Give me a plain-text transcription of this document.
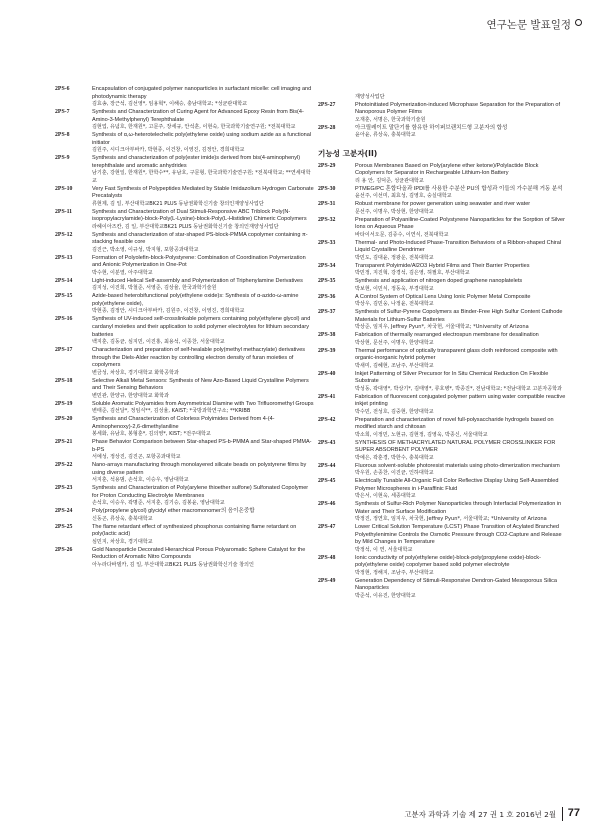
연구논문 발표일정
2PS-6	Encapsulation of conjugated polymer nanoparticles in surfactant micelle: cell imaging and photodynamic therapy
김효송, 장근석, 김선영*, 임용혁*, 이해승, 충남대학교; *성균관대학교
2PS-7	Synthesis and Characterization of Curing Agent for Advanced Epoxy Resin from Bis(4-Amino-3-Methylphenyl) Terephthalate
김현업, 유념호, 한재원*, 고문주, 장세규, 안석훈, 이현숙, 한국과학기술연구원; *전북대학교
2PS-8	Synthesis of α,ω-heterotelechelic poly(ethylene oxide) using sodium azide as a functional initiator
김원주, 시디크아부바카, 박현종, 이건창, 이영진, 김정안, 경희대학교
2PS-9	Synthesis and characterization of poly(ester imide)s derived from bis(4-aminophenyl) terephthalate and aromatic anhydrides
남기훈, 강현일, 한재원*, 한학수**, 유남호, 구문형, 한국과학기술연구원; *전북대학교; **연세대학교
2PS-10	Very Fast Synthesis of Polypeptides Mediated by Stable Imidazolium Hydrogen Carbonate Precatalysts
류현제, 김 일, 부산대학교BK21 PLUS 동남권화학신기술 창의인재양성사업단
2PS-11	Synthesis and Characterization of Dual Stimuli-Responsive ABC Triblock Poly(N-isopropylacrylamide)-block-Poly(L-Lysine)-block-Poly(L-Histidine) Chimeric Copolymers
라헤이아즈칸, 김 일, 부산대학교BK21 PLUS 동남권화학신기술 창의인재양성사업단
2PS-12	Synthesis and characterization of star-shaped PS-block-PMMA copolymer containing π-stacking feasible core
김진근, 박소영, 이규성, 박지형, 포항공과대학교
2PS-13	Formation of Polyolefin-block-Polystyrene: Combination of Coordination Polymerization and Anionic Polymerization in One-Pot
박수현, 이분열, 아주대학교
2PS-14	Light-induced Helical Self-assembly and Polymerization of Triphenylamine Derivatives
김지성, 이진희, 박철준, 서영준, 김상율, 한국과학기술원
2PS-15	Azide-based heterobifunctional poly(ethylene oxide)s: Synthesis of α-azido-ω-amine poly(ethylene oxide),
박현종, 김정안, 시디크아부바카, 김원주, 이건창, 이영진, 경희대학교
2PS-16	Synthesis of UV-induced self-crosslinkable polymers containing poly(ethylene glycol) and cardanyl moieties and their application to solid polymer electrolytes for lithium secondary batteries
백지훈, 김동균, 심지민, 이진홍, 최용석, 이종찬, 서울대학교
2PS-17	Characterization and preparation of self-healable poly(methyl methacrylate) derivatives through the Diels-Alder reaction by controlling electron density of furan moieties of copolymers
변금성, 차상호, 경기대학교 화학공학과
2PS-18	Selective Alkali Metal Sensors: Synthesis of New Azo-Based Liquid Crystalline Polymers and Their Sensing Behaviors
변민관, 한양규, 한양대학교 화학과
2PS-19	Soluble Aromatic Polyamides from Asymmetrical Diamine with Two Trifluoromethyl Groups
변태준, 김선달*, 정임식**, 김성율, KAIST; *국방과학연구소; **KRIBB
2PS-20	Synthesis and Characterization of Colorless Polyimides Derived from 4-(4-Aminophenoxy)-2,6-dimethylaniline
봉세화, 유남호, 봉형훈*, 김의영*, KIST; *전주대학교
2PS-21	Phase Behavior Comparison between Star-shaped PS-b-PMMA and Star-shaped PMMA-b-PS
서예성, 정상진, 김진곤, 포항공과대학교
2PS-22	Nano-arrays manufacturing through monolayered silicate beads on polystyrene films by using diverse pattern
서지훈, 석용범, 손석호, 이승우, 영남대학교
2PS-23	Synthesis and Characterization of Poly(arylene thioether sulfone) Sulfonated Copolymer for Proton Conducting Electrolyte Membranes
손석호, 이승우, 곽명준, 서지훈, 김기승, 김봉윤, 영남대학교
2PS-24	Poly(propylene glycol) glycidyl ether macromonomer의 음이온중합
신동곤, 류상욱, 충북대학교
2PS-25	The flame retardant effect of synthesized phosphorus containing flame retardant on poly(lactic acid)
심민지, 차상호, 경기대학교
2PS-26	Gold Nanoparticle Decorated Hierarchical Porous Polyaromatic Sphere Catalyst for the Reduction of Aromatic Nitro Compounds
아누라다바델카, 김 일, 부산대학교BK21 PLUS 동남권화학신기술 창의인
재양성사업단
2PS-27	Photoinitiated Polymerization-induced Microphase Separation for the Preparation of Nanoporous Polymer Films
오재훈, 서명은, 한국과학기술원
2PS-28	아크릴레이트 말단기를 함유한 하이퍼브랜치드형 고분자의 합성
윤아윤, 류상욱, 충북대학교
기능성 고분자(II)
2PS-29	Porous Membranes Based on Poly(arylene ether ketone)/Polylactide Block Copolymers for Separator in Rechargeable Lithium-Ion Battery
리 용 안, 김덕준, 성균관대학교
2PS-30	PTMEG/PC 혼합다올과 IPDI를 사용한 수분산 PU의 합성과 이들의 가수분해 거동 분석
윤선주, 이선미, 최효성, 김영호, 숭실대학교
2PS-31	Robust membrane for power generation using seawater and river water
문선주, 이명우, 박상현, 한양대학교
2PS-32	Preparation of Polyaniline-Coated Polystyrene Nanoparticles for the Sorption of Silver Ions on Aqueous Phase
바타이서오문, 김증수, 이연식, 전북대학교
2PS-33	Thermal- and Photo-Induced Phase-Transition Behaviors of a Ribbon-shaped Chiral Liquid Crystalline Dendrimer
박민도, 김대윤, 정광운, 전북대학교
2PS-34	Transparent Polyimide/Al2O3 Hybrid Films and Their Barrier Properties
박민정, 지진혁, 강경석, 김은영, 허필호, 부산대학교
2PS-35	Synthesis and application of nitrogen doped graphene nanoplatelets
박보현, 이민식, 정동욱, 부경대학교
2PS-36	A Control System of Optical Lens Using Ionic Polymer Metal Composite
박상우, 김민웅, 나정윤, 전북대학교
2PS-37	Synthesis of Sulfur-Pyrene Copolymers as Binder-Free High Sulfur Content Cathode Materials for Lithium-Sulfur Batteries
박상준, 임지우, Jeffrey Pyun*, 차국헌, 서울대학교; *University of Arizona
2PS-38	Fabrication of thermally rearranged electrospun membrane for desalination
박상현, 문선주, 이명우, 한양대학교
2PS-39	Thermal performance of optically transparent glass cloth reinforced composite with organic-inorganic hybrid polymer
박새미, 김혜현, 조남주, 부산대학교
2PS-40	Inkjet Patterning of Silver Precursor for In Situ Chemical Reduction On Flexible Substrate
박성동, 곽대영*, 박상기*, 김태영*, 류호병*, 박종진*, 전남대학교; *전남대학교 고분자공학과
2PS-41	Fabrication of fluorescent conjugated polymer pattern using water compatible reactive inkjet printing
박수민, 전성호, 김중현, 한양대학교
2PS-42	Preparation and characterization of novel full-polysaccharide hydrogels based on modified starch and chitosan
박소희, 이정민, 노현규, 김현정, 김영욱, 박종신, 서울대학교
2PS-43	SYNTHESIS OF METHACRYLATED NATURAL POLYMER CROSSLINKER FOR SUPER ABSORBENT POLYMER
박예은, 곽훈경, 박한수, 충북대학교
2PS-44	Fluorous solvent-soluble photoresist materials using photo-dimerization mechanism
박우원, 손종찬, 이진균, 인하대학교
2PS-45	Electrically Tunable All-Organic Full Color Reflective Display Using Self-Assembled Polymer Microspheres in i-Paraffinic Fluid
박은서, 이현욱, 세종대학교
2PS-46	Synthesis of Sulfur-Rich Polymer Nanoparticles through Interfacial Polymerization in Water and Their Surface Modification
박정진, 정연호, 임지우, 차국헌, Jeffrey Pyun*, 서울대학교; *University of Arizona
2PS-47	Lower Critical Solution Temperature (LCST) Phase Transition of Acylated Branched Polyethylenimine Controls the Osmotic Pressure through CO2-Capture and Release by Mild Changes in Temperature
박정석, 이 연, 서울대학교
2PS-48	Ionic conductivity of poly(ethylene oxide)-block-poly(propylene oxide)-block-poly(ethylene oxide) copolymer based solid polymer electrolyte
박정현, 정해지, 조남주, 부산대학교
2PS-49	Generation Dependency of Stimuli-Responsive Dendron-Gated Mesoporous Silica Nanoparticles
박준석, 이유진, 한양대학교
고분자 과학과 기술 제 27 권 1 호 2016년 2월 77
